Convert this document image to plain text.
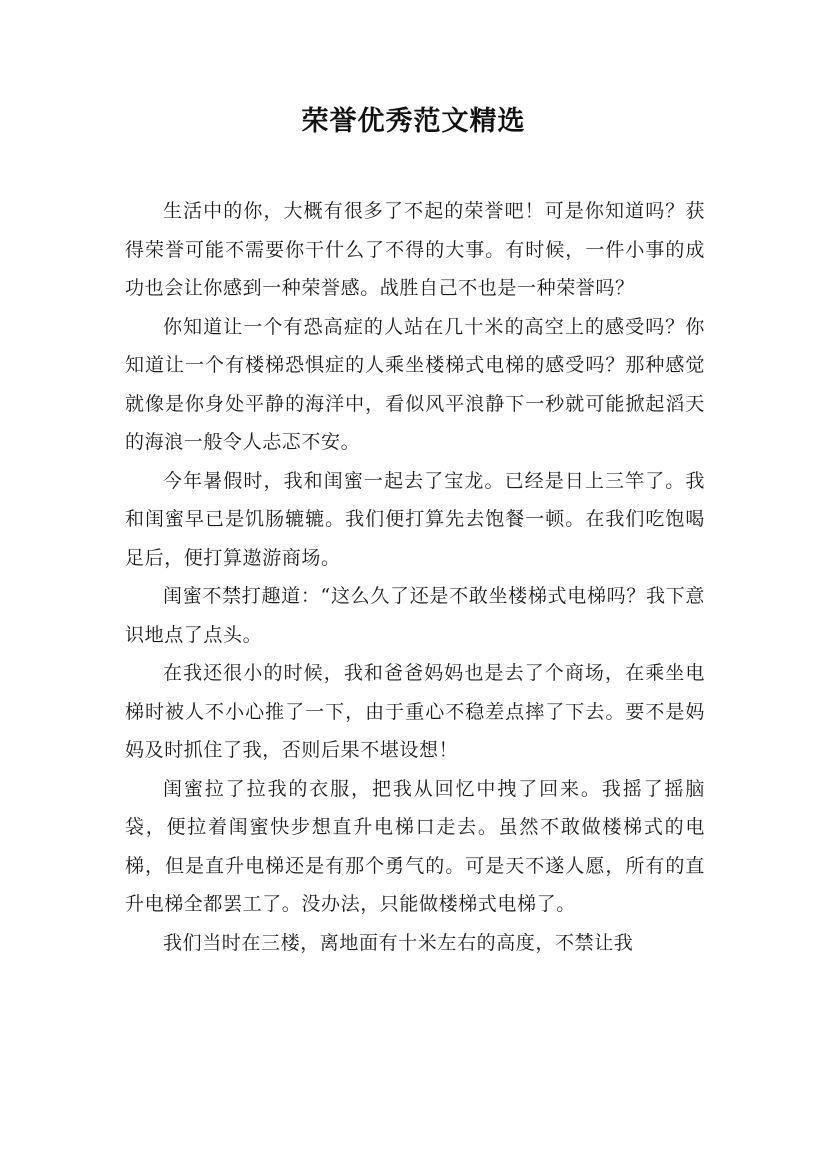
荣誉优秀范文精选

生活中的你，大概有很多了不起的荣誉吧！可是你知道吗？获得荣誉可能不需要你干什么了不得的大事。有时候，一件小事的成功也会让你感到一种荣誉感。战胜自己不也是一种荣誉吗？

你知道让一个有恐高症的人站在几十米的高空上的感受吗？你知道让一个有楼梯恐惧症的人乘坐楼梯式电梯的感受吗？那种感觉就像是你身处平静的海洋中，看似风平浪静下一秒就可能掀起滔天的海浪一般令人忐忑不安。

今年暑假时，我和闺蜜一起去了宝龙。已经是日上三竿了。我和闺蜜早已是饥肠辘辘。我们便打算先去饱餐一顿。在我们吃饱喝足后，便打算遨游商场。

闺蜜不禁打趣道：“这么久了还是不敢坐楼梯式电梯吗？我下意识地点了点头。

在我还很小的时候，我和爸爸妈妈也是去了个商场，在乘坐电梯时被人不小心推了一下，由于重心不稳差点摔了下去。要不是妈妈及时抓住了我，否则后果不堪设想！

闺蜜拉了拉我的衣服，把我从回忆中拽了回来。我摇了摇脑袋，便拉着闺蜜快步想直升电梯口走去。虽然不敢做楼梯式的电梯，但是直升电梯还是有那个勇气的。可是天不遂人愿，所有的直升电梯全都罢工了。没办法，只能做楼梯式电梯了。

我们当时在三楼，离地面有十米左右的高度，不禁让我
